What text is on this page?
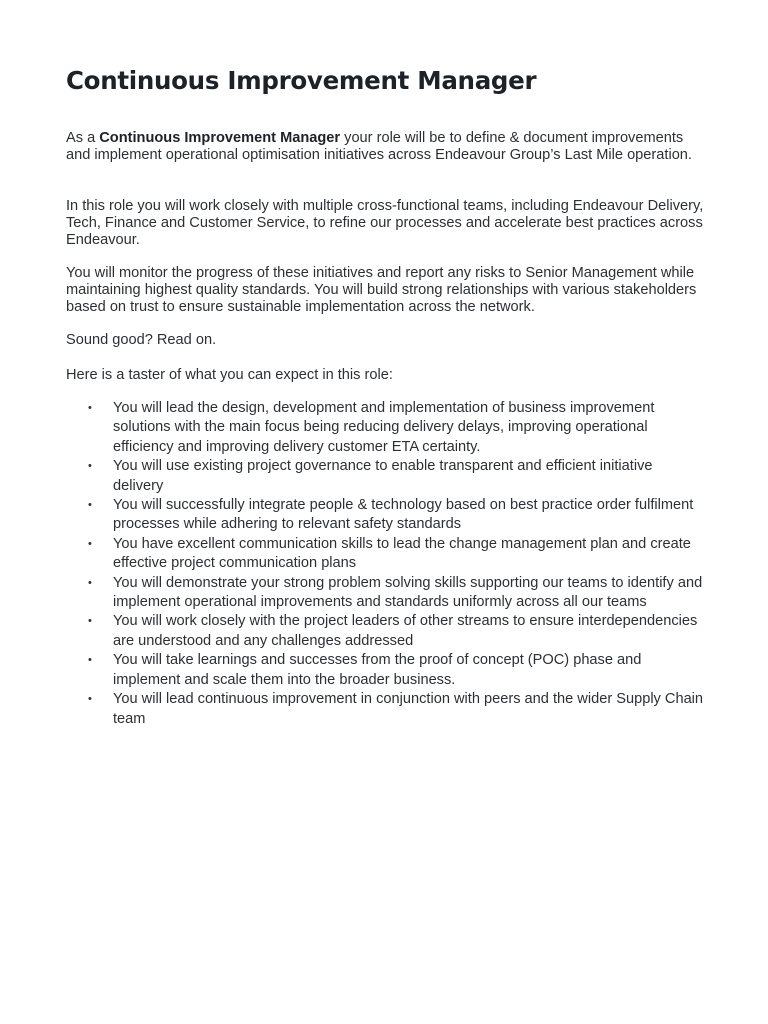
Continuous Improvement Manager

As a Continuous Improvement Manager your role will be to define & document improvements and implement operational optimisation initiatives across Endeavour Group’s Last Mile operation.

In this role you will work closely with multiple cross-functional teams, including Endeavour Delivery, Tech, Finance and Customer Service, to refine our processes and accelerate best practices across Endeavour.

You will monitor the progress of these initiatives and report any risks to Senior Management while maintaining highest quality standards. You will build strong relationships with various stakeholders based on trust to ensure sustainable implementation across the network.

Sound good? Read on.

Here is a taster of what you can expect in this role:

• You will lead the design, development and implementation of business improvement solutions with the main focus being reducing delivery delays, improving operational efficiency and improving delivery customer ETA certainty.
• You will use existing project governance to enable transparent and efficient initiative delivery
• You will successfully integrate people & technology based on best practice order fulfilment processes while adhering to relevant safety standards
• You have excellent communication skills to lead the change management plan and create effective project communication plans
• You will demonstrate your strong problem solving skills supporting our teams to identify and implement operational improvements and standards uniformly across all our teams
• You will work closely with the project leaders of other streams to ensure interdependencies are understood and any challenges addressed
• You will take learnings and successes from the proof of concept (POC) phase and implement and scale them into the broader business.
• You will lead continuous improvement in conjunction with peers and the wider Supply Chain team
